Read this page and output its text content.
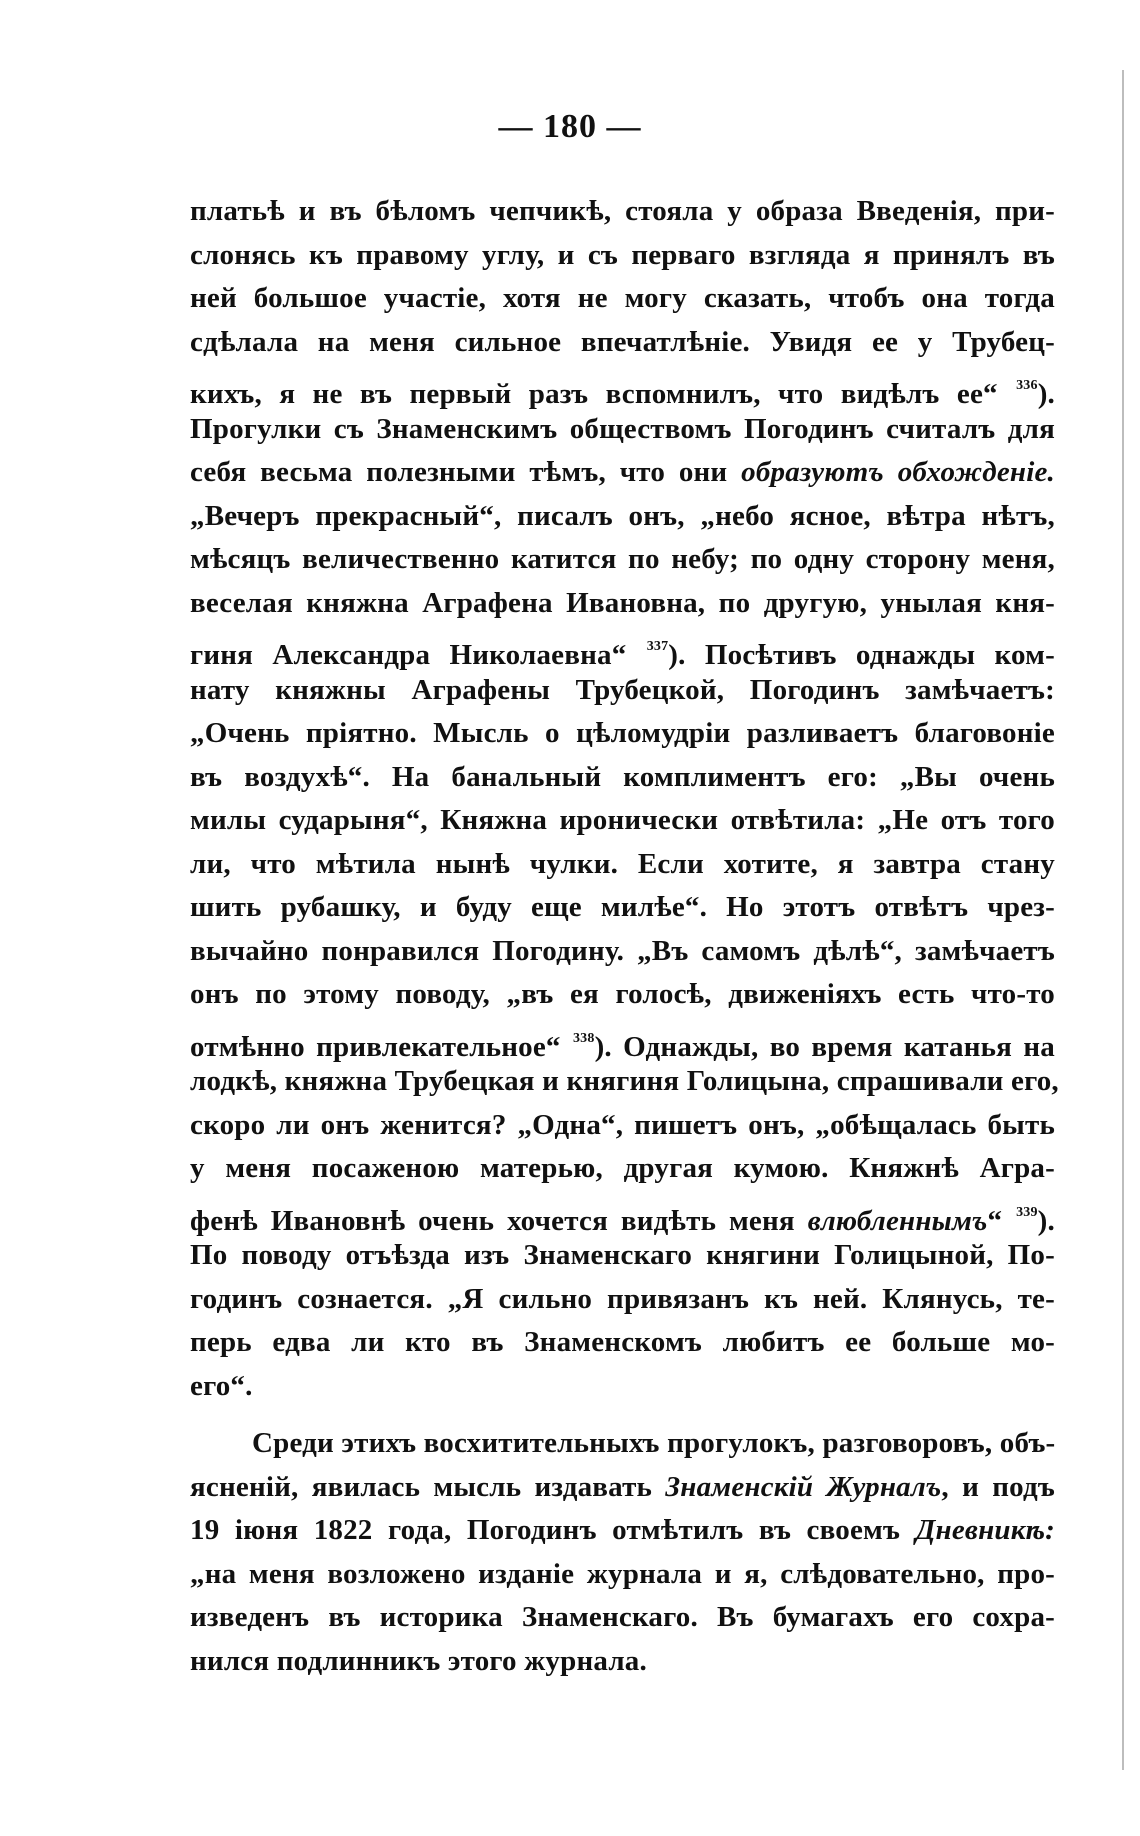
— 180 —
платьѣ и въ бѣломъ чепчикѣ, стояла у образа Введенія, при-
слонясь къ правому углу, и съ перваго взгляда я принялъ въ
ней большое участіе, хотя не могу сказать, чтобъ она тогда
сдѣлала на меня сильное впечатлѣніе. Увидя ее у Трубец-
кихъ, я не въ первый разъ вспомнилъ, что видѣлъ ее“ $^{336}$).
Прогулки съ Знаменскимъ обществомъ Погодинъ считалъ для
себя весьма полезными тѣмъ, что они образуютъ обхожденіе.
„Вечеръ прекрасный“, писалъ онъ, „небо ясное, вѣтра нѣтъ,
мѣсяцъ величественно катится по небу; по одну сторону меня,
веселая княжна Аграфена Ивановна, по другую, унылая кня-
гиня Александра Николаевна“ $^{337}$). Посѣтивъ однажды ком-
нату княжны Аграфены Трубецкой, Погодинъ замѣчаетъ:
„Очень пріятно. Мысль о цѣломудріи разливаетъ благовоніе
въ воздухѣ“. На банальный комплиментъ его: „Вы очень
милы сударыня“, Княжна иронически отвѣтила: „Не отъ того
ли, что мѣтила нынѣ чулки. Если хотите, я завтра стану
шить рубашку, и буду еще милѣе“. Но этотъ отвѣтъ чрез-
вычайно понравился Погодину. „Въ самомъ дѣлѣ“, замѣчаетъ
онъ по этому поводу, „въ ея голосѣ, движеніяхъ есть что-то
отмѣнно привлекательное“ $^{338}$). Однажды, во время катанья на
лодкѣ, княжна Трубецкая и княгиня Голицына, спрашивали его,
скоро ли онъ женится? „Одна“, пишетъ онъ, „обѣщалась быть
у меня посаженою матерью, другая кумою. Княжнѣ Агра-
фенѣ Ивановнѣ очень хочется видѣть меня влюбленнымъ“ $^{339}$).
По поводу отъѣзда изъ Знаменскаго княгини Голицыной, По-
годинъ сознается. „Я сильно привязанъ къ ней. Клянусь, те-
перь едва ли кто въ Знаменскомъ любитъ ее больше мо-
его“.
Среди этихъ восхитительныхъ прогулокъ, разговоровъ, объ-
ясненій, явилась мысль издавать Знаменскій Журналъ, и подъ
19 іюня 1822 года, Погодинъ отмѣтилъ въ своемъ Дневникѣ:
„на меня возложено изданіе журнала и я, слѣдовательно, про-
изведенъ въ историка Знаменскаго. Въ бумагахъ его сохра-
нился подлинникъ этого журнала.
